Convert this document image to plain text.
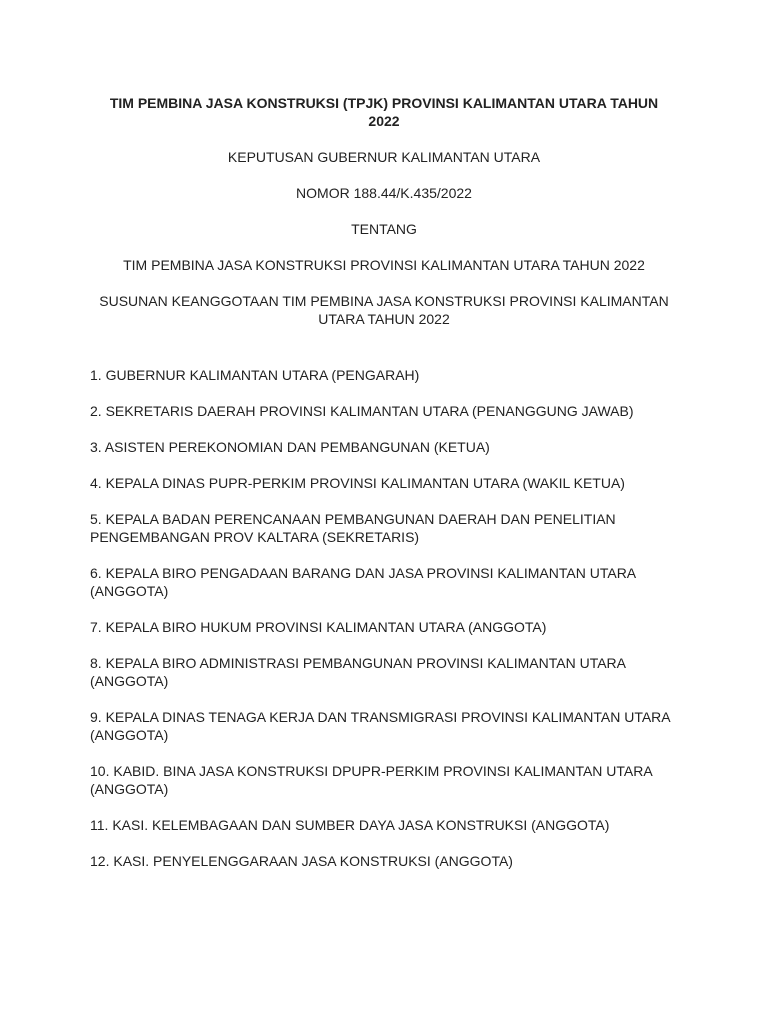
TIM PEMBINA JASA KONSTRUKSI (TPJK) PROVINSI KALIMANTAN UTARA TAHUN 2022
KEPUTUSAN GUBERNUR KALIMANTAN UTARA
NOMOR 188.44/K.435/2022
TENTANG
TIM PEMBINA JASA KONSTRUKSI PROVINSI KALIMANTAN UTARA TAHUN 2022
SUSUNAN KEANGGOTAAN TIM PEMBINA JASA KONSTRUKSI PROVINSI KALIMANTAN UTARA TAHUN 2022
1. GUBERNUR KALIMANTAN UTARA (PENGARAH)
2. SEKRETARIS DAERAH PROVINSI KALIMANTAN UTARA (PENANGGUNG JAWAB)
3. ASISTEN PEREKONOMIAN DAN PEMBANGUNAN (KETUA)
4. KEPALA DINAS PUPR-PERKIM PROVINSI KALIMANTAN UTARA (WAKIL KETUA)
5. KEPALA BADAN PERENCANAAN PEMBANGUNAN DAERAH DAN PENELITIAN PENGEMBANGAN PROV KALTARA (SEKRETARIS)
6. KEPALA BIRO PENGADAAN BARANG DAN JASA PROVINSI KALIMANTAN UTARA (ANGGOTA)
7. KEPALA BIRO HUKUM PROVINSI KALIMANTAN UTARA (ANGGOTA)
8. KEPALA BIRO ADMINISTRASI PEMBANGUNAN PROVINSI KALIMANTAN UTARA (ANGGOTA)
9. KEPALA DINAS TENAGA KERJA DAN TRANSMIGRASI PROVINSI KALIMANTAN UTARA (ANGGOTA)
10. KABID. BINA JASA KONSTRUKSI DPUPR-PERKIM PROVINSI KALIMANTAN UTARA (ANGGOTA)
11. KASI. KELEMBAGAAN DAN SUMBER DAYA JASA KONSTRUKSI (ANGGOTA)
12. KASI. PENYELENGGARAAN JASA KONSTRUKSI (ANGGOTA)
